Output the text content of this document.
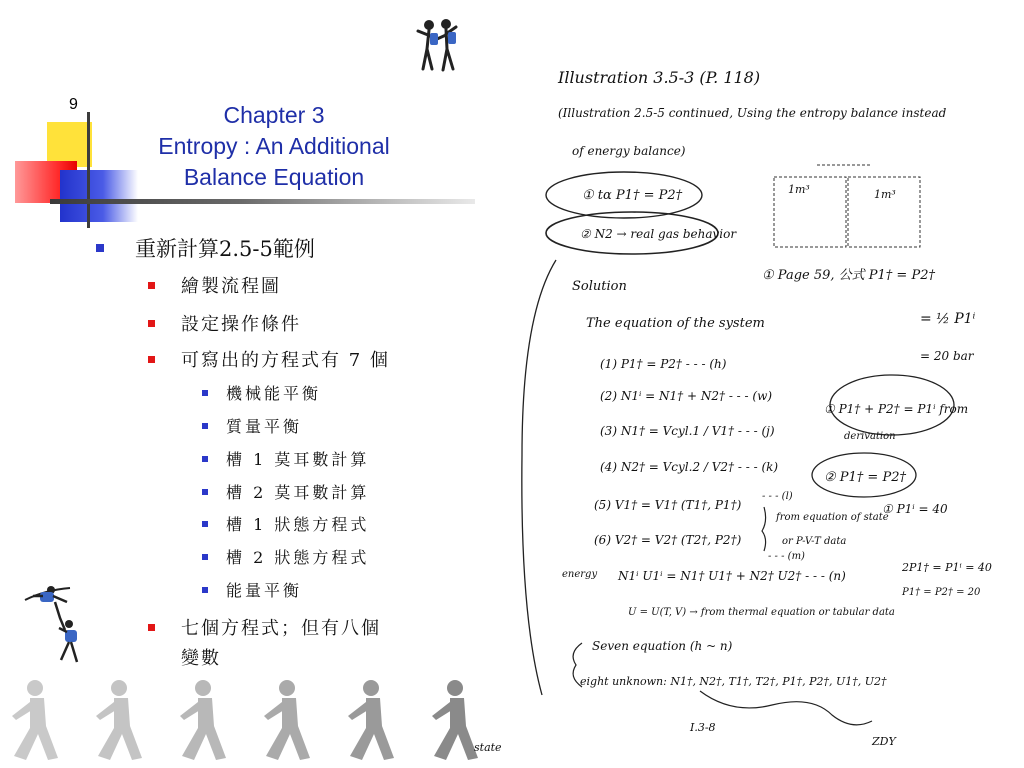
9	Chapter 3
Entropy : An Additional
Balance Equation
重新計算2.5-5範例
繪製流程圖
設定操作條件
可寫出的方程式有 7 個
機械能平衡
質量平衡
槽 1 莫耳數計算
槽 2 莫耳數計算
槽 1 狀態方程式
槽 2 狀態方程式
能量平衡
七個方程式；但有八個
變數
Illustration 3.5-3 (P. 118)
(Illustration 2.5-5 continued, Using the entropy balance instead
of energy balance)
1m³	1m³
① tα P1† = P2†
② N2 → real gas behavior
Solution
The equation of the system
(1) P1† = P2† - - - (h)
(2) N1ⁱ = N1† + N2† - - - (w)
(3) N1† = Vcyl.1 / V1† - - - (j)
(4) N2† = Vcyl.2 / V2† - - - (k)
(5) V1† = V1† (T1†, P1†)
(6) V2† = V2† (T2†, P2†)
- - - (l)
- - - (m)
from equation of state
or P-V-T data
energy N1ⁱ U1ⁱ = N1† U1† + N2† U2† - - - (n)
U = U(T, V) → from thermal equation or tabular data
Seven equation (h ~ n)
eight unknown: N1†, N2†, T1†, T2†, P1†, P2†, U1†, U2†
I.3-8
ZDY
state
① Page 59, 公式 P1† = P2†
= ½ P1ⁱ
= 20 bar
① P1† + P2† = P1ⁱ from
derivation
② P1† = P2†
① P1ⁱ = 40
2P1† = P1ⁱ = 40
P1† = P2† = 20
